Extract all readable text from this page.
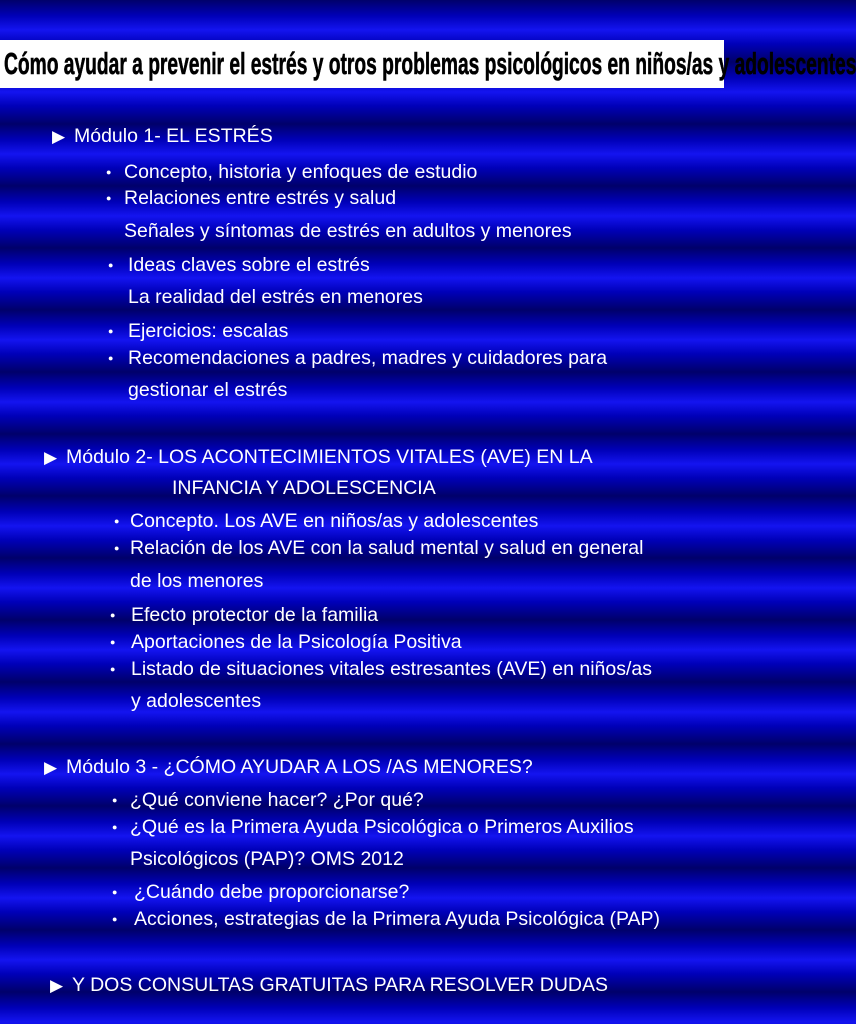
Cómo ayudar a prevenir el estrés y otros problemas psicológicos en niños/as y adolescentes
▶ Módulo 1- EL ESTRÉS
● Concepto, historia y enfoques de estudio
● Relaciones entre estrés y salud
Señales y síntomas de estrés en adultos y menores
● Ideas claves sobre el estrés
La realidad del estrés en menores
● Ejercicios: escalas
● Recomendaciones a padres, madres y cuidadores para
gestionar el estrés
▶ Módulo 2- LOS ACONTECIMIENTOS VITALES (AVE) EN LA
INFANCIA Y ADOLESCENCIA
● Concepto. Los AVE en niños/as y adolescentes
● Relación de los AVE con la salud mental y salud en general
de los menores
● Efecto protector de la familia
● Aportaciones de la Psicología Positiva
● Listado de situaciones vitales estresantes (AVE) en niños/as
y adolescentes
▶ Módulo 3 - ¿CÓMO AYUDAR A LOS /AS MENORES?
● ¿Qué conviene hacer? ¿Por qué?
● ¿Qué es la Primera Ayuda Psicológica o Primeros Auxilios
Psicológicos (PAP)? OMS 2012
● ¿Cuándo debe proporcionarse?
● Acciones, estrategias de la Primera Ayuda Psicológica (PAP)
▶ Y DOS CONSULTAS GRATUITAS PARA RESOLVER DUDAS
